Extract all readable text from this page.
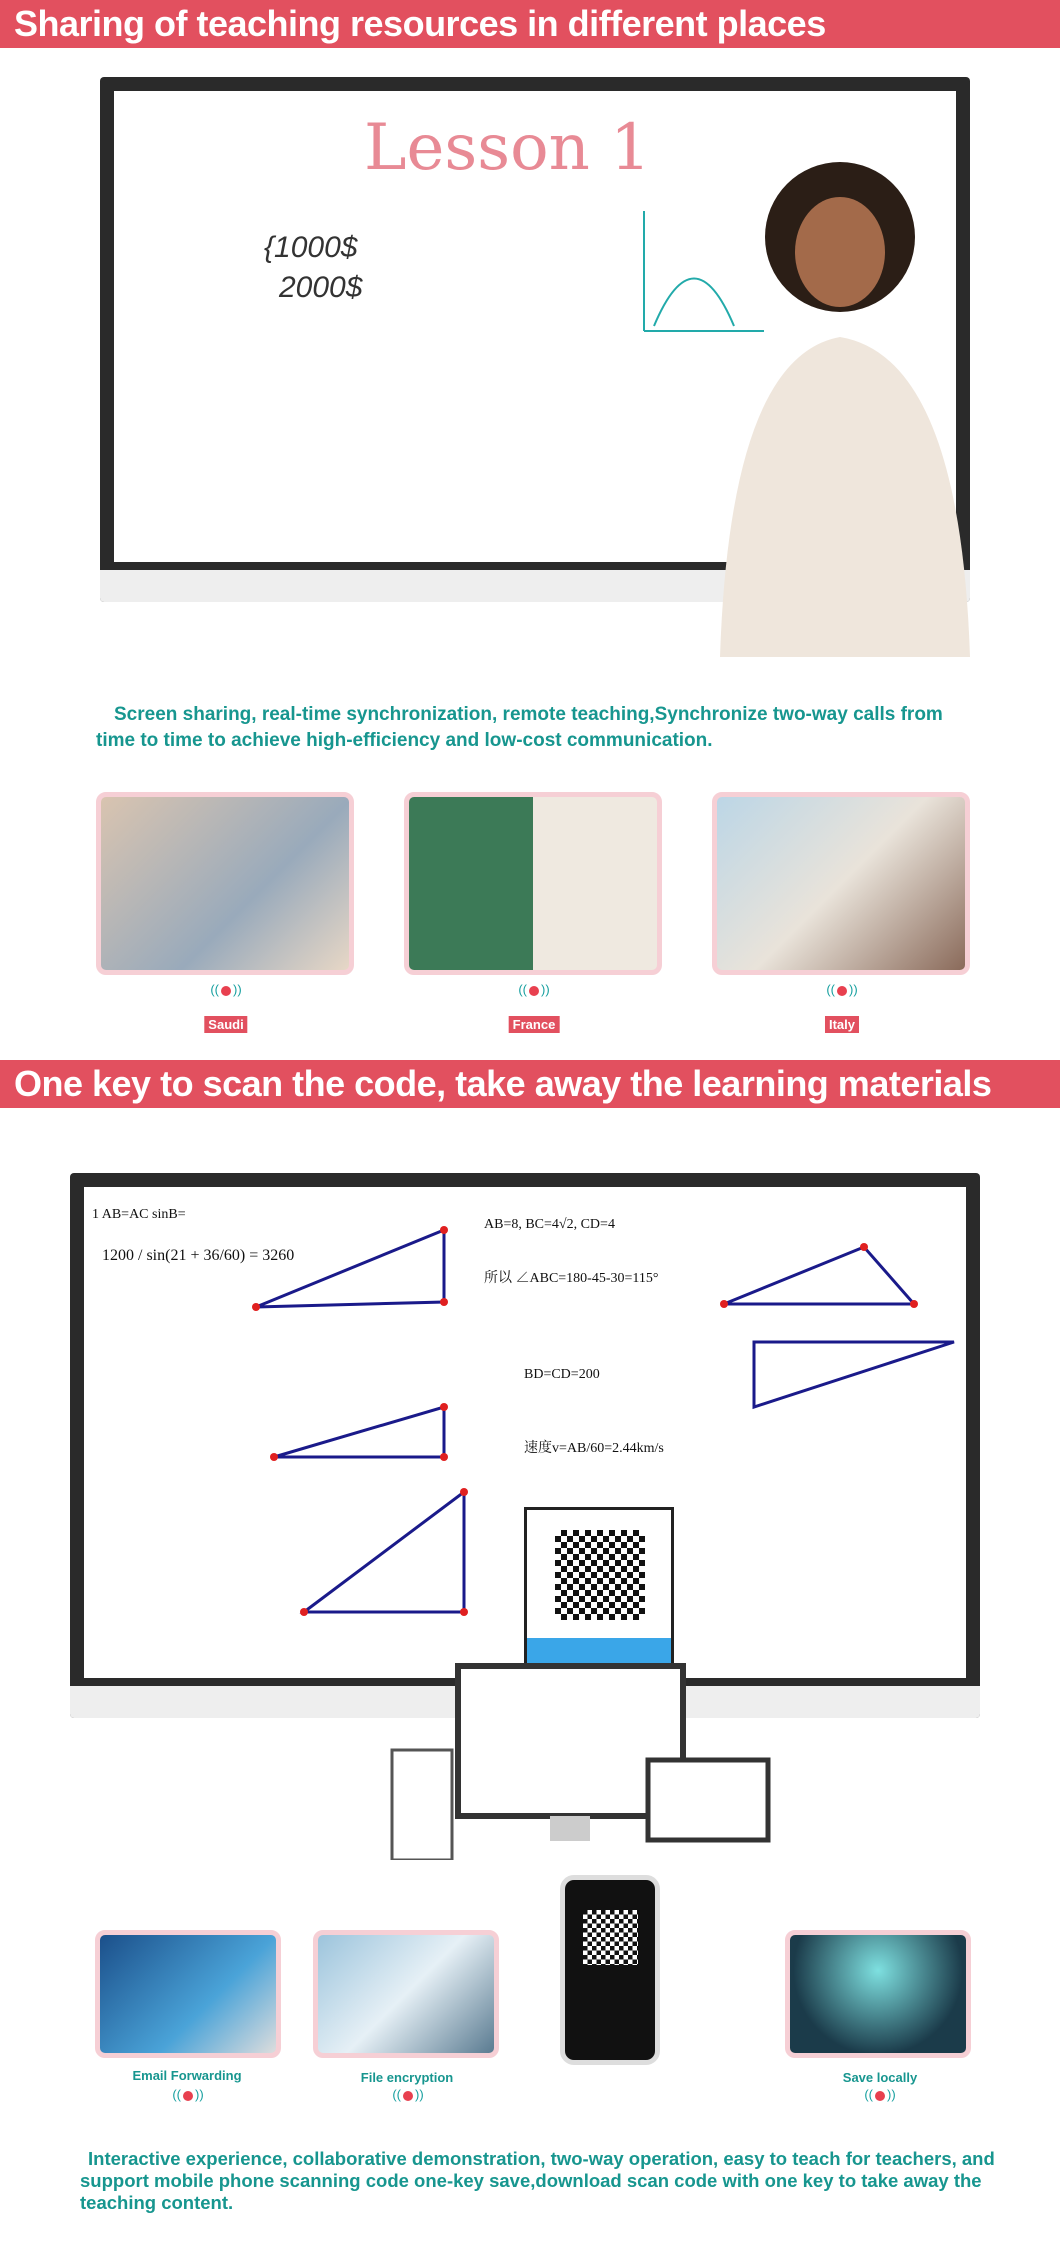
Sharing of teaching resources in different places
Lesson 1
{1000$
2000$
Screen sharing, real-time synchronization, remote teaching,Synchronize two-way calls from time to time to achieve high-efficiency and low-cost communication.
(( ))	(( ))	(( ))
Saudi	France	Italy
One key to scan the code, take away the learning materials
1 AB=AC sinB=
1200 / sin(21 + 36/60) = 3260
AB=8, BC=4√2, CD=4
所以 ∠ABC=180-45-30=115°
BD=CD=200
速度v=AB/60=2.44km/s
Email Forwarding	File encryption	Save locally
(( ))	(( ))	(( ))
Interactive experience, collaborative demonstration, two-way operation, easy to teach for teachers, and support mobile phone scanning code one-key save,download scan code with one key to take away the teaching content.
